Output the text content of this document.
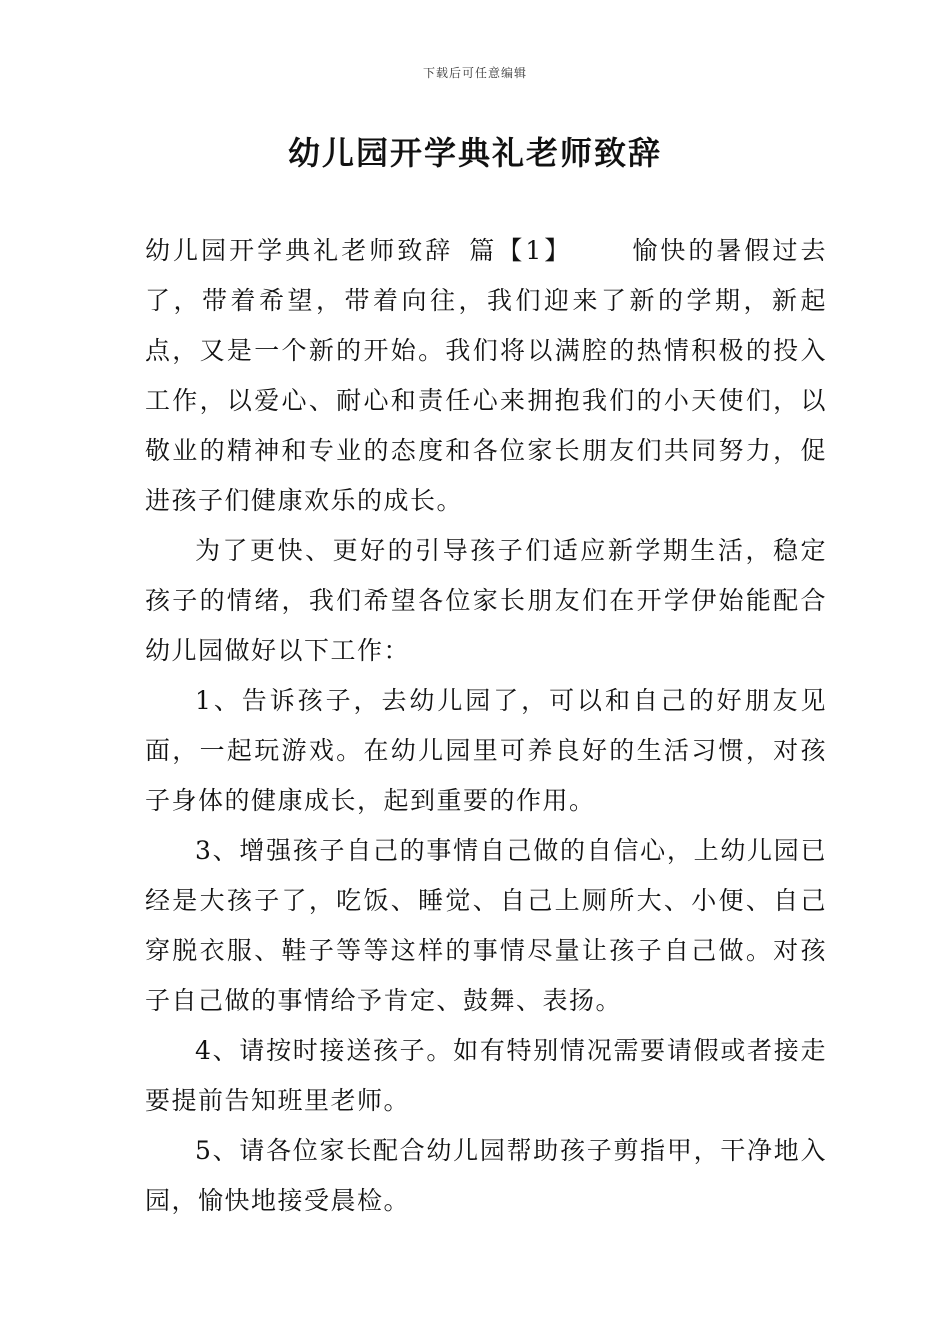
下载后可任意编辑
幼儿园开学典礼老师致辞

幼儿园开学典礼老师致辞 篇【1】 愉快的暑假过去了，带着希望，带着向往，我们迎来了新的学期，新起点，又是一个新的开始。我们将以满腔的热情积极的投入工作，以爱心、耐心和责任心来拥抱我们的小天使们，以敬业的精神和专业的态度和各位家长朋友们共同努力，促进孩子们健康欢乐的成长。

为了更快、更好的引导孩子们适应新学期生活，稳定孩子的情绪，我们希望各位家长朋友们在开学伊始能配合幼儿园做好以下工作：

1、告诉孩子，去幼儿园了，可以和自己的好朋友见面，一起玩游戏。在幼儿园里可养良好的生活习惯，对孩子身体的健康成长，起到重要的作用。

3、增强孩子自己的事情自己做的自信心，上幼儿园已经是大孩子了，吃饭、睡觉、自己上厕所大、小便、自己穿脱衣服、鞋子等等这样的事情尽量让孩子自己做。对孩子自己做的事情给予肯定、鼓舞、表扬。

4、请按时接送孩子。如有特别情况需要请假或者接走要提前告知班里老师。

5、请各位家长配合幼儿园帮助孩子剪指甲，干净地入园，愉快地接受晨检。
